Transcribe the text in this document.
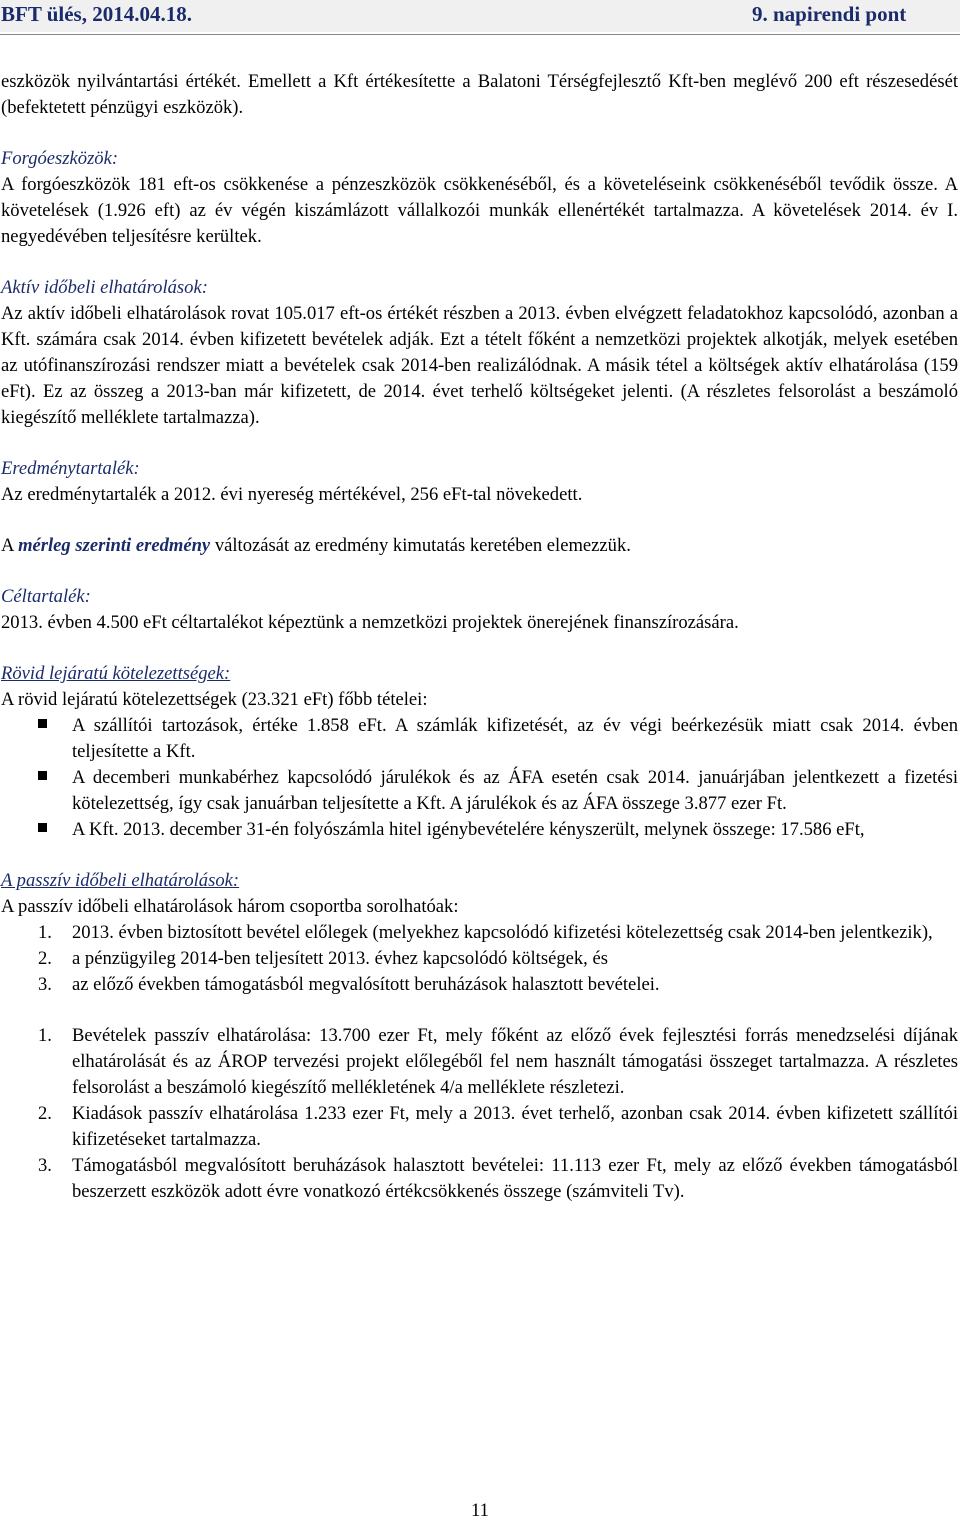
BFT ülés, 2014.04.18.	9. napirendi pont

eszközök nyilvántartási értékét. Emellett a Kft értékesítette a Balatoni Térségfejlesztő Kft-ben meglévő 200 eft részesedését (befektetett pénzügyi eszközök).

Forgóeszközök:

A forgóeszközök 181 eft-os csökkenése a pénzeszközök csökkenéséből, és a követeléseink csökkenéséből tevődik össze. A követelések (1.926 eft) az év végén kiszámlázott vállalkozói munkák ellenértékét tartalmazza. A követelések 2014. év I. negyedévében teljesítésre kerültek.

Aktív időbeli elhatárolások:

Az aktív időbeli elhatárolások rovat 105.017 eft-os értékét részben a 2013. évben elvégzett feladatokhoz kapcsolódó, azonban a Kft. számára csak 2014. évben kifizetett bevételek adják. Ezt a tételt főként a nemzetközi projektek alkotják, melyek esetében az utófinanszírozási rendszer miatt a bevételek csak 2014-ben realizálódnak. A másik tétel a költségek aktív elhatárolása (159 eFt). Ez az összeg a 2013-ban már kifizetett, de 2014. évet terhelő költségeket jelenti. (A részletes felsorolást a beszámoló kiegészítő melléklete tartalmazza).

Eredménytartalék:

Az eredménytartalék a 2012. évi nyereség mértékével, 256 eFt-tal növekedett.

A mérleg szerinti eredmény változását az eredmény kimutatás keretében elemezzük.

Céltartalék:

2013. évben 4.500 eFt céltartalékot képeztünk a nemzetközi projektek önerejének finanszírozására.

Rövid lejáratú kötelezettségek:

A rövid lejáratú kötelezettségek (23.321 eFt) főbb tételei:

A szállítói tartozások, értéke 1.858 eFt. A számlák kifizetését, az év végi beérkezésük miatt csak 2014. évben teljesítette a Kft.
A decemberi munkabérhez kapcsolódó járulékok és az ÁFA esetén csak 2014. januárjában jelentkezett a fizetési kötelezettség, így csak januárban teljesítette a Kft. A járulékok és az ÁFA összege 3.877 ezer Ft.
A Kft. 2013. december 31-én folyószámla hitel igénybevételére kényszerült, melynek összege: 17.586 eFt,

A passzív időbeli elhatárolások:

A passzív időbeli elhatárolások három csoportba sorolhatóak:

1. 2013. évben biztosított bevétel előlegek (melyekhez kapcsolódó kifizetési kötelezettség csak 2014-ben jelentkezik),
2. a pénzügyileg 2014-ben teljesített 2013. évhez kapcsolódó költségek, és
3. az előző években támogatásból megvalósított beruházások halasztott bevételei.
1. Bevételek passzív elhatárolása: 13.700 ezer Ft, mely főként az előző évek fejlesztési forrás menedzselési díjának elhatárolását és az ÁROP tervezési projekt előlegéből fel nem használt támogatási összeget tartalmazza. A részletes felsorolást a beszámoló kiegészítő mellékletének 4/a melléklete részletezi.
2. Kiadások passzív elhatárolása 1.233 ezer Ft, mely a 2013. évet terhelő, azonban csak 2014. évben kifizetett szállítói kifizetéseket tartalmazza.
3. Támogatásból megvalósított beruházások halasztott bevételei: 11.113 ezer Ft, mely az előző években támogatásból beszerzett eszközök adott évre vonatkozó értékcsökkenés összege (számviteli Tv).
11
